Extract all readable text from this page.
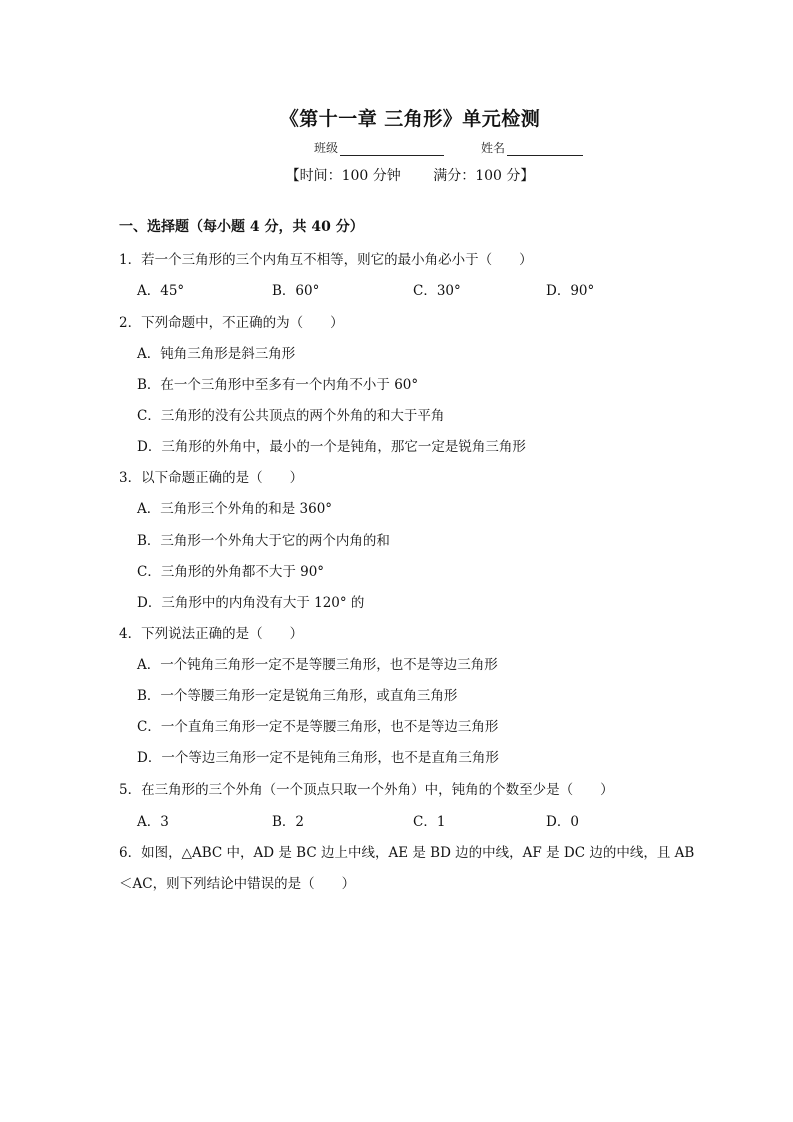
《第十一章 三角形》单元检测
班级	姓名
【时间：100 分钟 满分：100 分】
一、选择题（每小题 4 分，共 40 分）
1．若一个三角形的三个内角互不相等，则它的最小角必小于（　　）
A．45°	B．60°	C．30°	D．90°
2．下列命题中，不正确的为（　　）
A．钝角三角形是斜三角形
B．在一个三角形中至多有一个内角不小于 60°
C．三角形的没有公共顶点的两个外角的和大于平角
D．三角形的外角中，最小的一个是钝角，那它一定是锐角三角形
3．以下命题正确的是（　　）
A．三角形三个外角的和是 360°
B．三角形一个外角大于它的两个内角的和
C．三角形的外角都不大于 90°
D．三角形中的内角没有大于 120° 的
4．下列说法正确的是（　　）
A．一个钝角三角形一定不是等腰三角形，也不是等边三角形
B．一个等腰三角形一定是锐角三角形，或直角三角形
C．一个直角三角形一定不是等腰三角形，也不是等边三角形
D．一个等边三角形一定不是钝角三角形，也不是直角三角形
5．在三角形的三个外角（一个顶点只取一个外角）中，钝角的个数至少是（　　）
A．3	B．2	C．1	D．0
6．如图，△ABC 中，AD 是 BC 边上中线，AE 是 BD 边的中线，AF 是 DC 边的中线，且 AB
＜AC，则下列结论中错误的是（　　）
